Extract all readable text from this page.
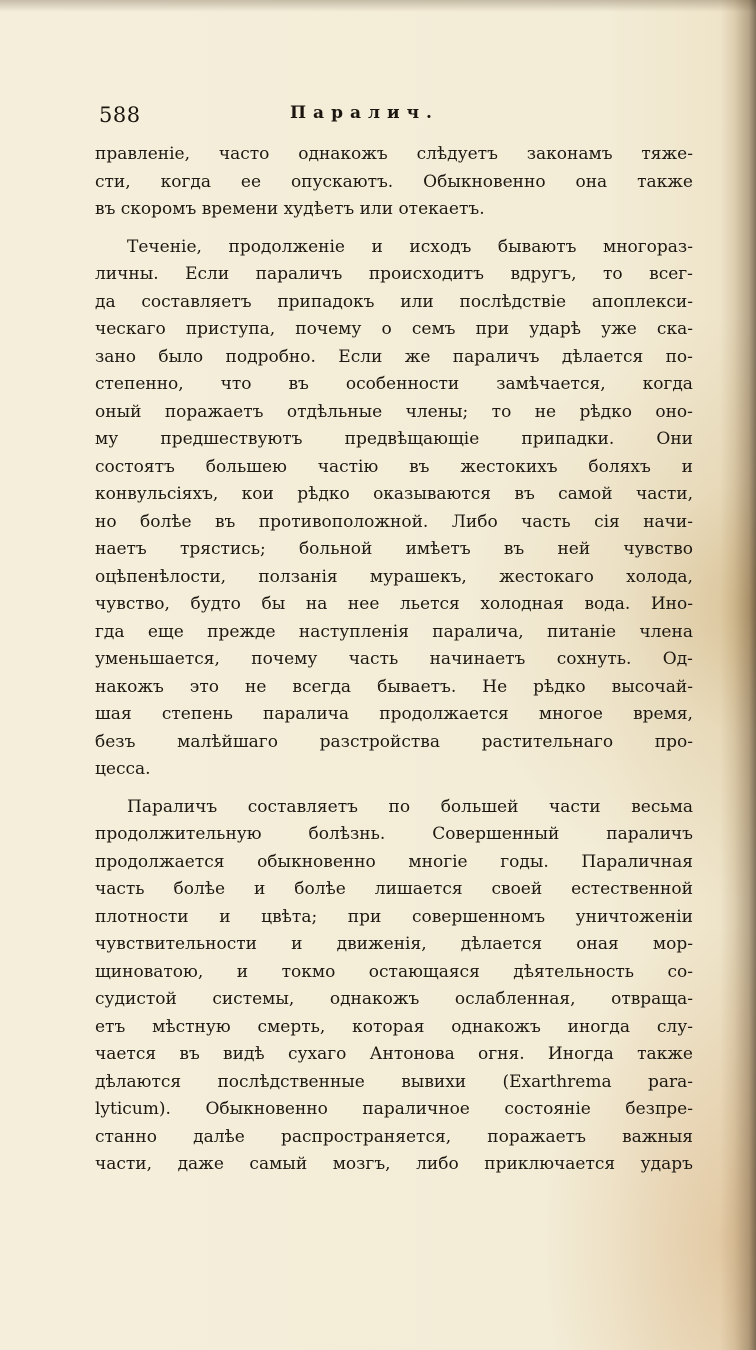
588	Паралич.
правленіе, часто однакожъ слѣдуетъ законамъ тяже-
сти, когда ее опускаютъ. Обыкновенно она также
въ скоромъ времени худѣетъ или отекаетъ.
Теченіе, продолженіе и исходъ бываютъ многораз-
личны. Если параличъ происходитъ вдругъ, то всег-
да составляетъ припадокъ или послѣдствіе апоплекси-
ческаго приступа, почему о семъ при ударѣ уже ска-
зано было подробно. Если же параличъ дѣлается по-
степенно, что въ особенности замѣчается, когда
оный поражаетъ отдѣльные члены; то не рѣдко оно-
му предшествуютъ предвѣщающіе припадки. Они
состоятъ большею частію въ жестокихъ боляхъ и
конвульсіяхъ, кои рѣдко оказываются въ самой части,
но болѣе въ противоположной. Либо часть сія начи-
наетъ трястись; больной имѣетъ въ ней чувство
оцѣпенѣлости, ползанія мурашекъ, жестокаго холода,
чувство, будто бы на нее льется холодная вода. Ино-
гда еще прежде наступленія паралича, питаніе члена
уменьшается, почему часть начинаетъ сохнуть. Од-
накожъ это не всегда бываетъ. Не рѣдко высочай-
шая степень паралича продолжается многое время,
безъ малѣйшаго разстройства растительнаго про-
цесса.
Параличъ составляетъ по большей части весьма
продолжительную	болѣзнь.	Совершенный	параличъ
продолжается обыкновенно многіе годы. Параличная
часть болѣе и болѣе лишается своей естественной
плотности и цвѣта; при совершенномъ уничтоженіи
чувствительности и движенія, дѣлается оная мор-
щиноватою, и токмо остающаяся дѣятельность со-
судистой системы, однакожъ ослабленная, отвраща-
етъ мѣстную смерть, которая однакожъ иногда слу-
чается въ видѣ сухаго Антонова огня. Иногда также
дѣлаются послѣдственные вывихи (Exarthrema para-
lyticum). Обыкновенно параличное состояніе безпре-
станно далѣе распространяется, поражаетъ важныя
части, даже самый мозгъ, либо приключается ударъ
